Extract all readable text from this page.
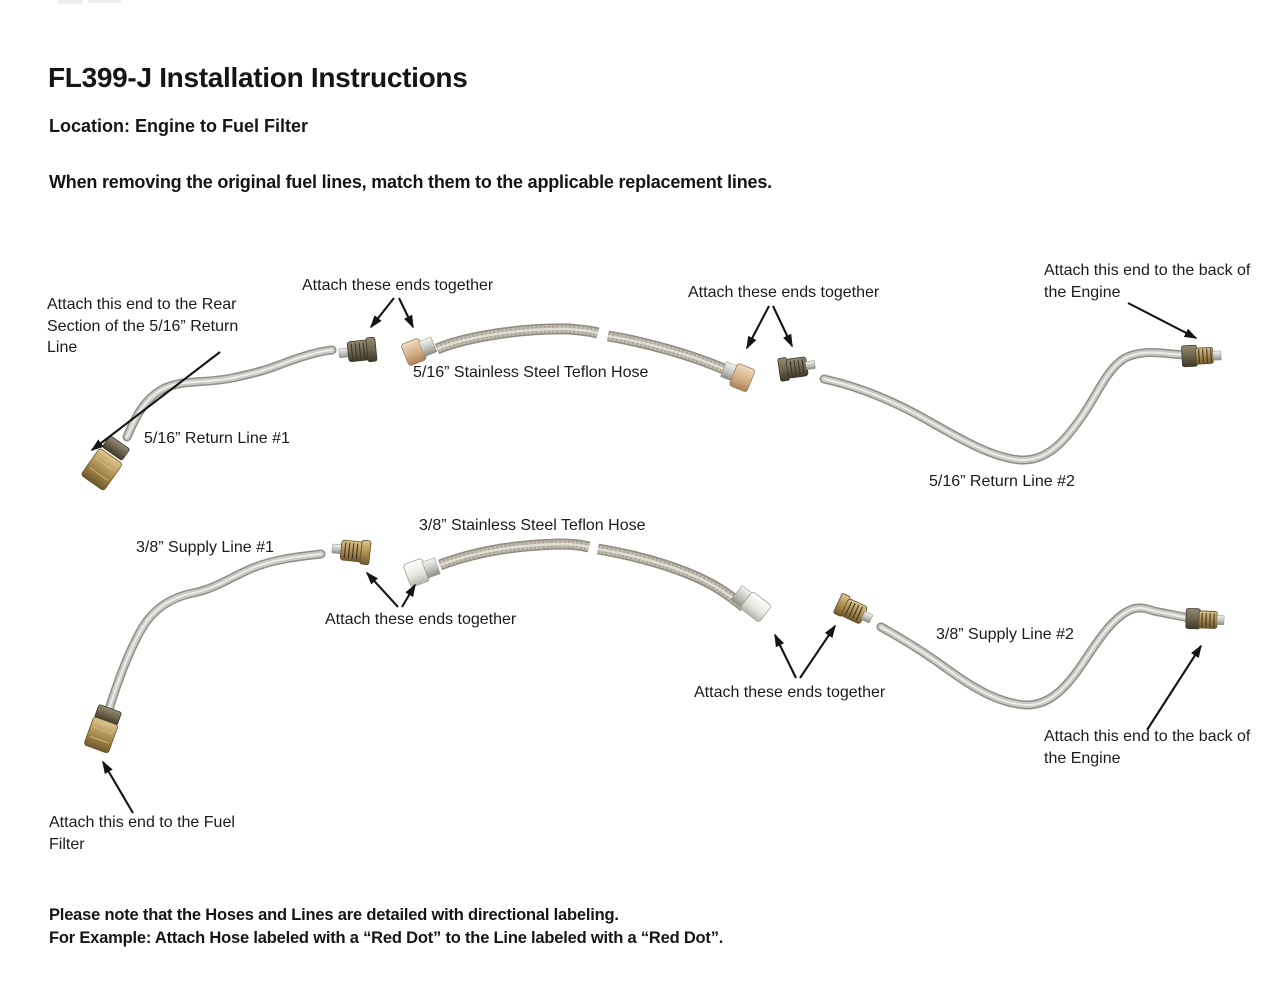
FL399-J Installation Instructions
Location: Engine to Fuel Filter
When removing the original fuel lines, match them to the applicable replacement lines.
Attach this end to the Rear Section of the 5/16” Return Line
Attach these ends together	Attach these ends together
Attach this end to the back of the Engine
5/16” Stainless Steel Teflon Hose
5/16” Return Line #1
5/16” Return Line #2
3/8” Stainless Steel Teflon Hose
3/8” Supply Line #1
Attach these ends together
3/8” Supply Line #2
Attach these ends together
Attach this end to the back of the Engine
Attach this end to the Fuel Filter
Please note that the Hoses and Lines are detailed with directional labeling.
For Example: Attach Hose labeled with a “Red Dot” to the Line labeled with a “Red Dot”.
